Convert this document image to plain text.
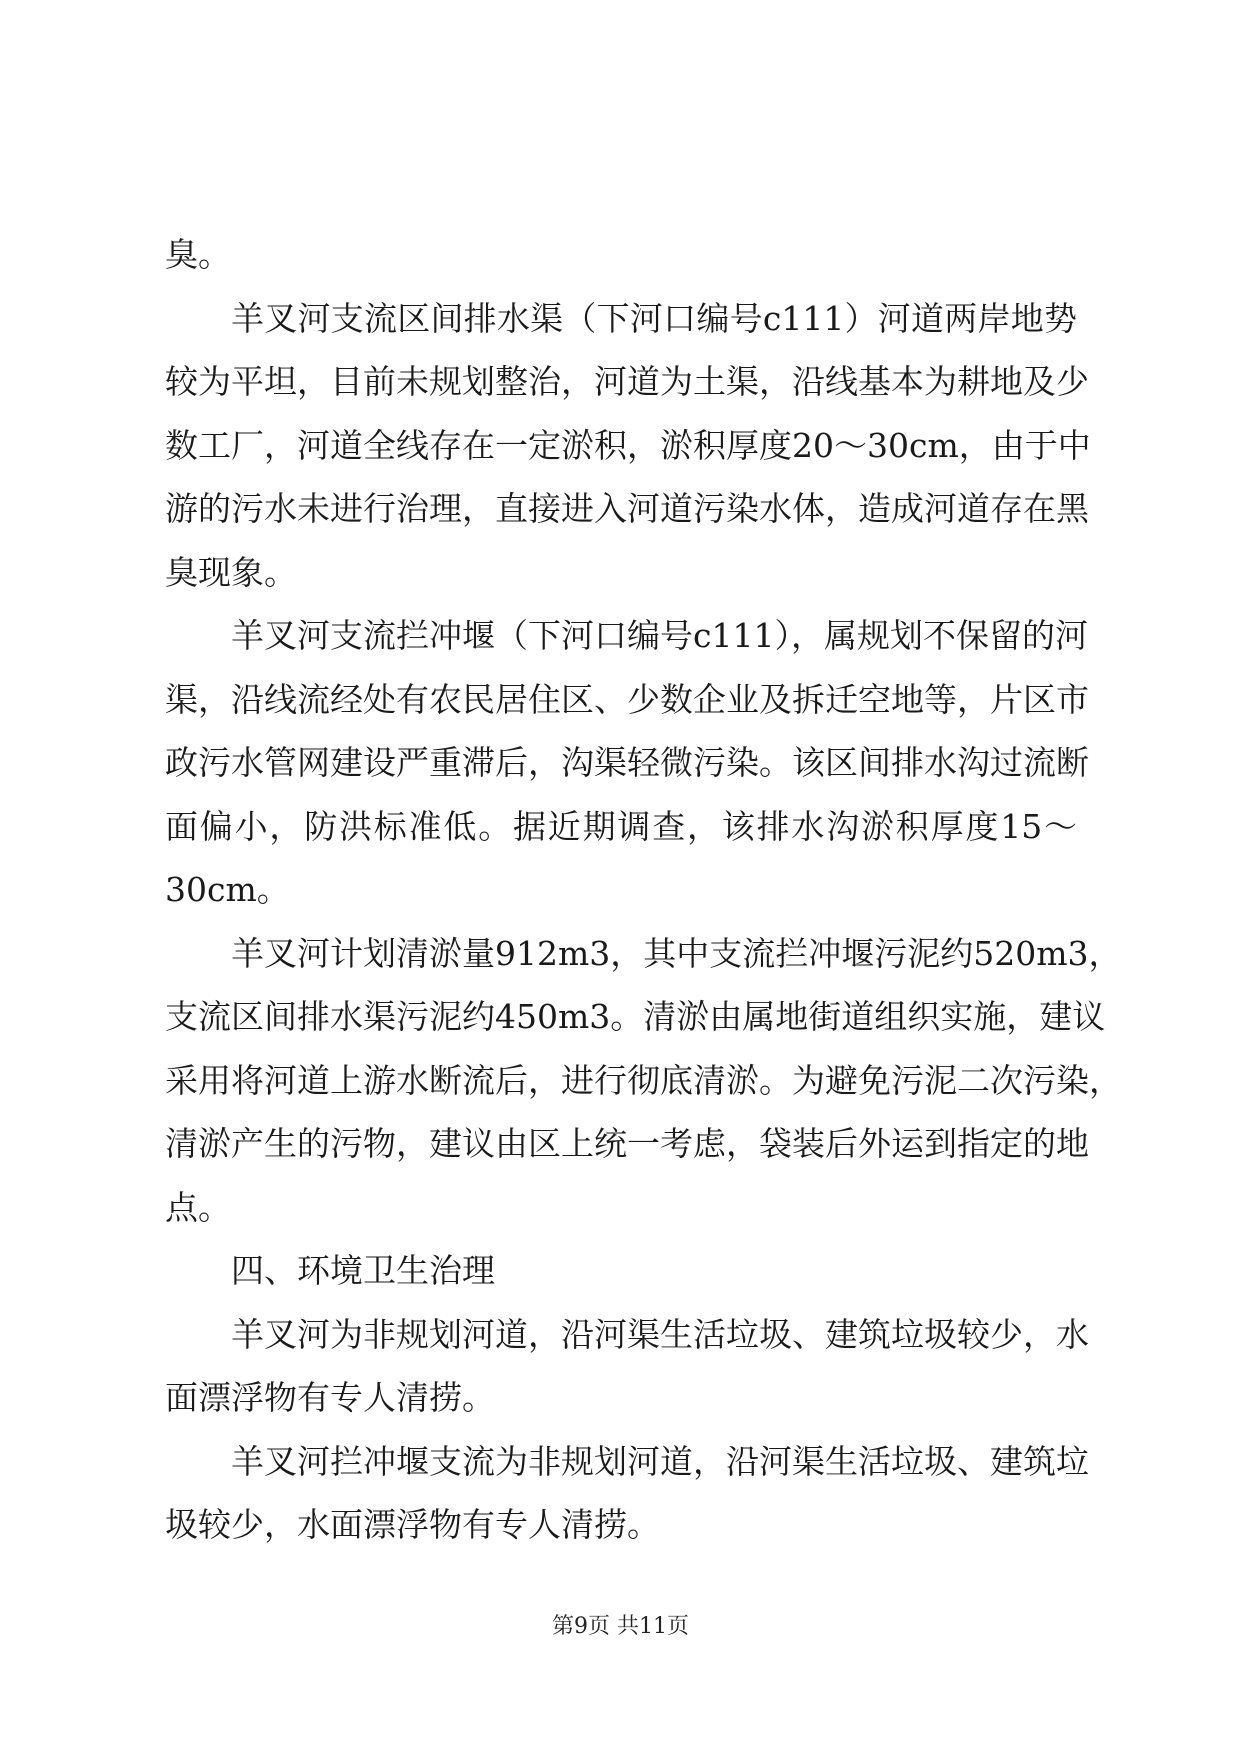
臭。
羊叉河支流区间排水渠（下河口编号c111）河道两岸地势
较为平坦，目前未规划整治，河道为土渠，沿线基本为耕地及少
数工厂，河道全线存在一定淤积，淤积厚度20～30cm，由于中
游的污水未进行治理，直接进入河道污染水体，造成河道存在黑
臭现象。
羊叉河支流拦冲堰（下河口编号c111），属规划不保留的河
渠，沿线流经处有农民居住区、少数企业及拆迁空地等，片区市
政污水管网建设严重滞后，沟渠轻微污染。该区间排水沟过流断
面偏小，防洪标准低。据近期调查，该排水沟淤积厚度15～
30cm。
羊叉河计划清淤量912m3，其中支流拦冲堰污泥约520m3，
支流区间排水渠污泥约450m3。清淤由属地街道组织实施，建议
采用将河道上游水断流后，进行彻底清淤。为避免污泥二次污染，
清淤产生的污物，建议由区上统一考虑，袋装后外运到指定的地
点。
四、环境卫生治理
羊叉河为非规划河道，沿河渠生活垃圾、建筑垃圾较少，水
面漂浮物有专人清捞。
羊叉河拦冲堰支流为非规划河道，沿河渠生活垃圾、建筑垃
圾较少，水面漂浮物有专人清捞。
第9页 共11页
